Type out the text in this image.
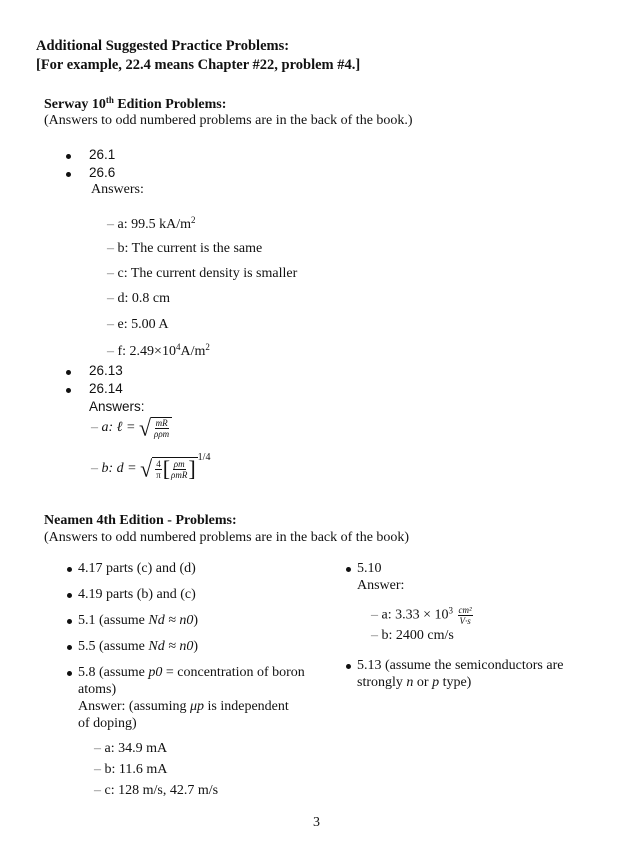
Additional Suggested Practice Problems:
[For example, 22.4 means Chapter #22, problem #4.]
Serway 10th Edition Problems:
(Answers to odd numbered problems are in the back of the book.)
26.1
26.6
Answers:
– a: 99.5 $kA/m^2$
– b: The current is the same
– c: The current density is smaller
– d: 0.8 cm
– e: 5.00 A
– f: $2.49\times 10^4A/m^2$
26.13
26.14
Answers:
– a: ℓ = √ $\frac{mR}{\text{ρρm}}$
– b: d = √ $\frac{4}{\pi}$ [ $\frac{\rho m}{\text{ρmR}}$ ] $^{1/4}$
Neamen 4th Edition - Problems:
(Answers to odd numbered problems are in the back of the book)
4.17 parts (c) and (d)
4.19 parts (b) and (c)
5.1 (assume Nd ≈ n0)
5.5 (assume Nd ≈ n0)
5.8 (assume p0 = concentration of boron
atoms)
Answer: (assuming μp is independent
of doping)
– a: 34.9 mA
– b: 11.6 mA
– c: 128 m/s, 42.7 m/s
5.10
Answer:
– a: $3.33 \times 10^3 \frac{\text{cm²}}{V\cdot s}$
– b: 2400 cm/s
5.13 (assume the semiconductors are
strongly n or p type)
3
